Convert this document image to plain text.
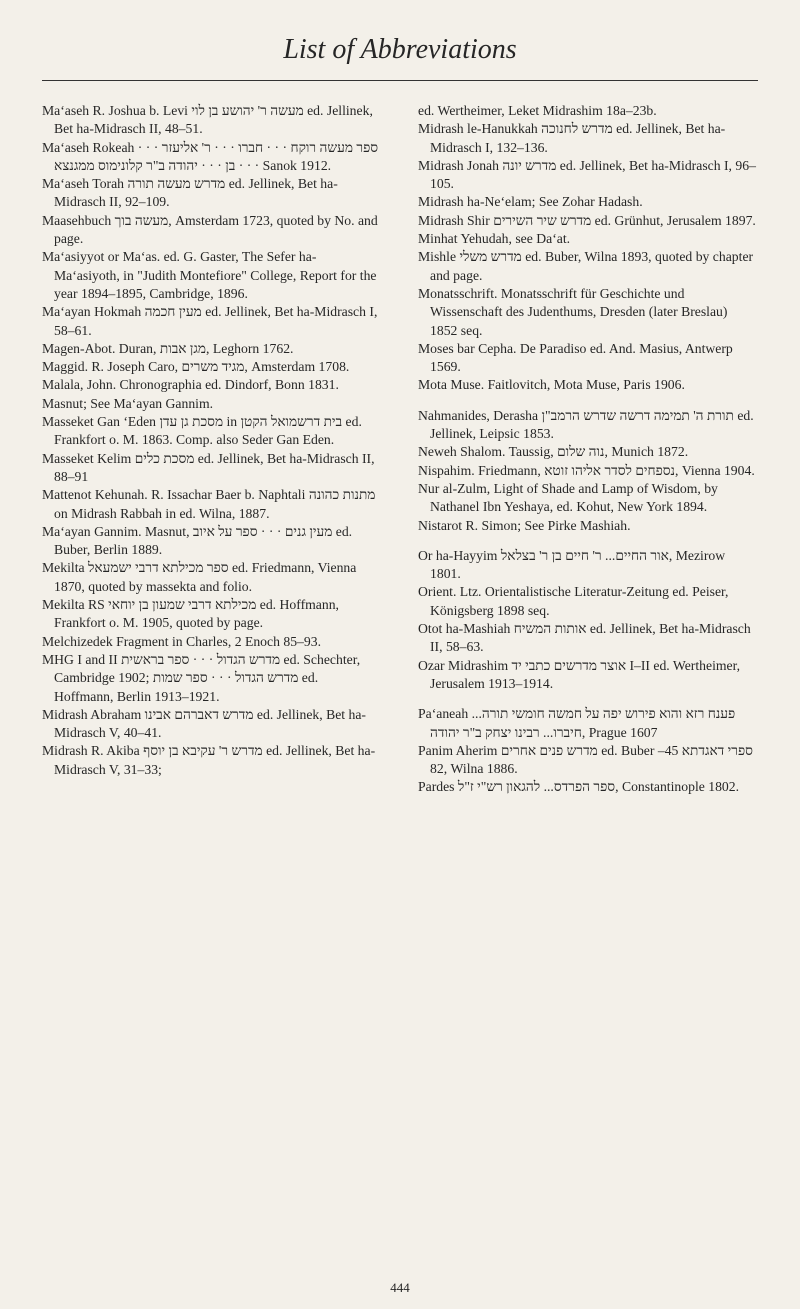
List of Abbreviations

Ma‘aseh R. Joshua b. Levi מעשה ר' יהושע בן לוי ed. Jellinek, Bet ha-Midrasch II, 48–51.

Ma‘aseh Rokeah · · · ספר מעשה רוקח · · · חברו · · · ר' אליעזר · · · בן · · · יהודה ב"ר קלונימוס ממגנצא Sanok 1912.

Ma‘aseh Torah מדרש מעשה תורה ed. Jellinek, Bet ha-Midrasch II, 92–109.

Maasehbuch מעשה בוך, Amsterdam 1723, quoted by No. and page.

Ma‘asiyyot or Ma‘as. ed. G. Gaster, The Sefer ha-Ma‘asiyoth, in "Judith Montefiore" College, Report for the year 1894–1895, Cambridge, 1896.

Ma‘ayan Hokmah מעין חכמה ed. Jellinek, Bet ha-Midrasch I, 58–61.

Magen-Abot. Duran, מגן אבות, Leghorn 1762.

Maggid. R. Joseph Caro, מגיד משרים, Amsterdam 1708.

Malala, John. Chronographia ed. Dindorf, Bonn 1831.

Masnut; See Ma‘ayan Gannim.

Masseket Gan ‘Eden מסכת גן עדן in בית דרשמואל הקטן ed. Frankfort o. M. 1863. Comp. also Seder Gan Eden.

Masseket Kelim מסכת כלים ed. Jellinek, Bet ha-Midrasch II, 88–91

Mattenot Kehunah. R. Issachar Baer b. Naphtali מתנות כהונה on Midrash Rabbah in ed. Wilna, 1887.

Ma‘ayan Gannim. Masnut, מעין גנים · · · ספר על איוב ed. Buber, Berlin 1889.

Mekilta ספר מכילתא דרבי ישמעאל ed. Friedmann, Vienna 1870, quoted by massekta and folio.

Mekilta RS מכילתא דרבי שמעון בן יוחאי ed. Hoffmann, Frankfort o. M. 1905, quoted by page.

Melchizedek Fragment in Charles, 2 Enoch 85–93.

MHG I and II מדרש הגדול · · · ספר בראשית ed. Schechter, Cambridge 1902; מדרש הגדול · · · ספר שמות ed. Hoffmann, Berlin 1913–1921.

Midrash Abraham מדרש דאברהם אבינו ed. Jellinek, Bet ha-Midrasch V, 40–41.

Midrash R. Akiba מדרש ר' עקיבא בן יוסף ed. Jellinek, Bet ha-Midrasch V, 31–33;

ed. Wertheimer, Leket Midrashim 18a–23b.

Midrash le-Hanukkah מדרש לחנוכה ed. Jellinek, Bet ha-Midrasch I, 132–136.

Midrash Jonah מדרש יונה ed. Jellinek, Bet ha-Midrasch I, 96–105.

Midrash ha-Ne‘elam; See Zohar Hadash.

Midrash Shir מדרש שיר השירים ed. Grünhut, Jerusalem 1897.

Minhat Yehudah, see Da‘at.

Mishle מדרש משלי ed. Buber, Wilna 1893, quoted by chapter and page.

Monatsschrift. Monatsschrift für Geschichte und Wissenschaft des Judenthums, Dresden (later Breslau) 1852 seq.

Moses bar Cepha. De Paradiso ed. And. Masius, Antwerp 1569.

Mota Muse. Faitlovitch, Mota Muse, Paris 1906.

Nahmanides, Derasha תורת ה' תמימה דרשה שדרש הרמב"ן ed. Jellinek, Leipsic 1853.

Neweh Shalom. Taussig, נוה שלום, Munich 1872.

Nispahim. Friedmann, נספחים לסדר אליהו זוטא, Vienna 1904.

Nur al-Zulm, Light of Shade and Lamp of Wisdom, by Nathanel Ibn Yeshaya, ed. Kohut, New York 1894.

Nistarot R. Simon; See Pirke Mashiah.

Or ha-Hayyim אור החיים... ר' חיים בן ר' בצלאל, Mezirow 1801.

Orient. Ltz. Orientalistische Literatur-Zeitung ed. Peiser, Königsberg 1898 seq.

Otot ha-Mashiah אותות המשיח ed. Jellinek, Bet ha-Midrasch II, 58–63.

Ozar Midrashim אוצר מדרשים כתבי יד I–II ed. Wertheimer, Jerusalem 1913–1914.

Pa‘aneah פענח רזא והוא פירוש יפה על חמשה חומשי תורה... חיברו... רבינו יצחק ב"ר יהודה, Prague 1607

Panim Aherim מדרש פנים אחרים ed. Buber ספרי דאגדתא 45–82, Wilna 1886.

Pardes ספר הפרדס... להגאון רש"י ז"ל, Constantinople 1802.

444
